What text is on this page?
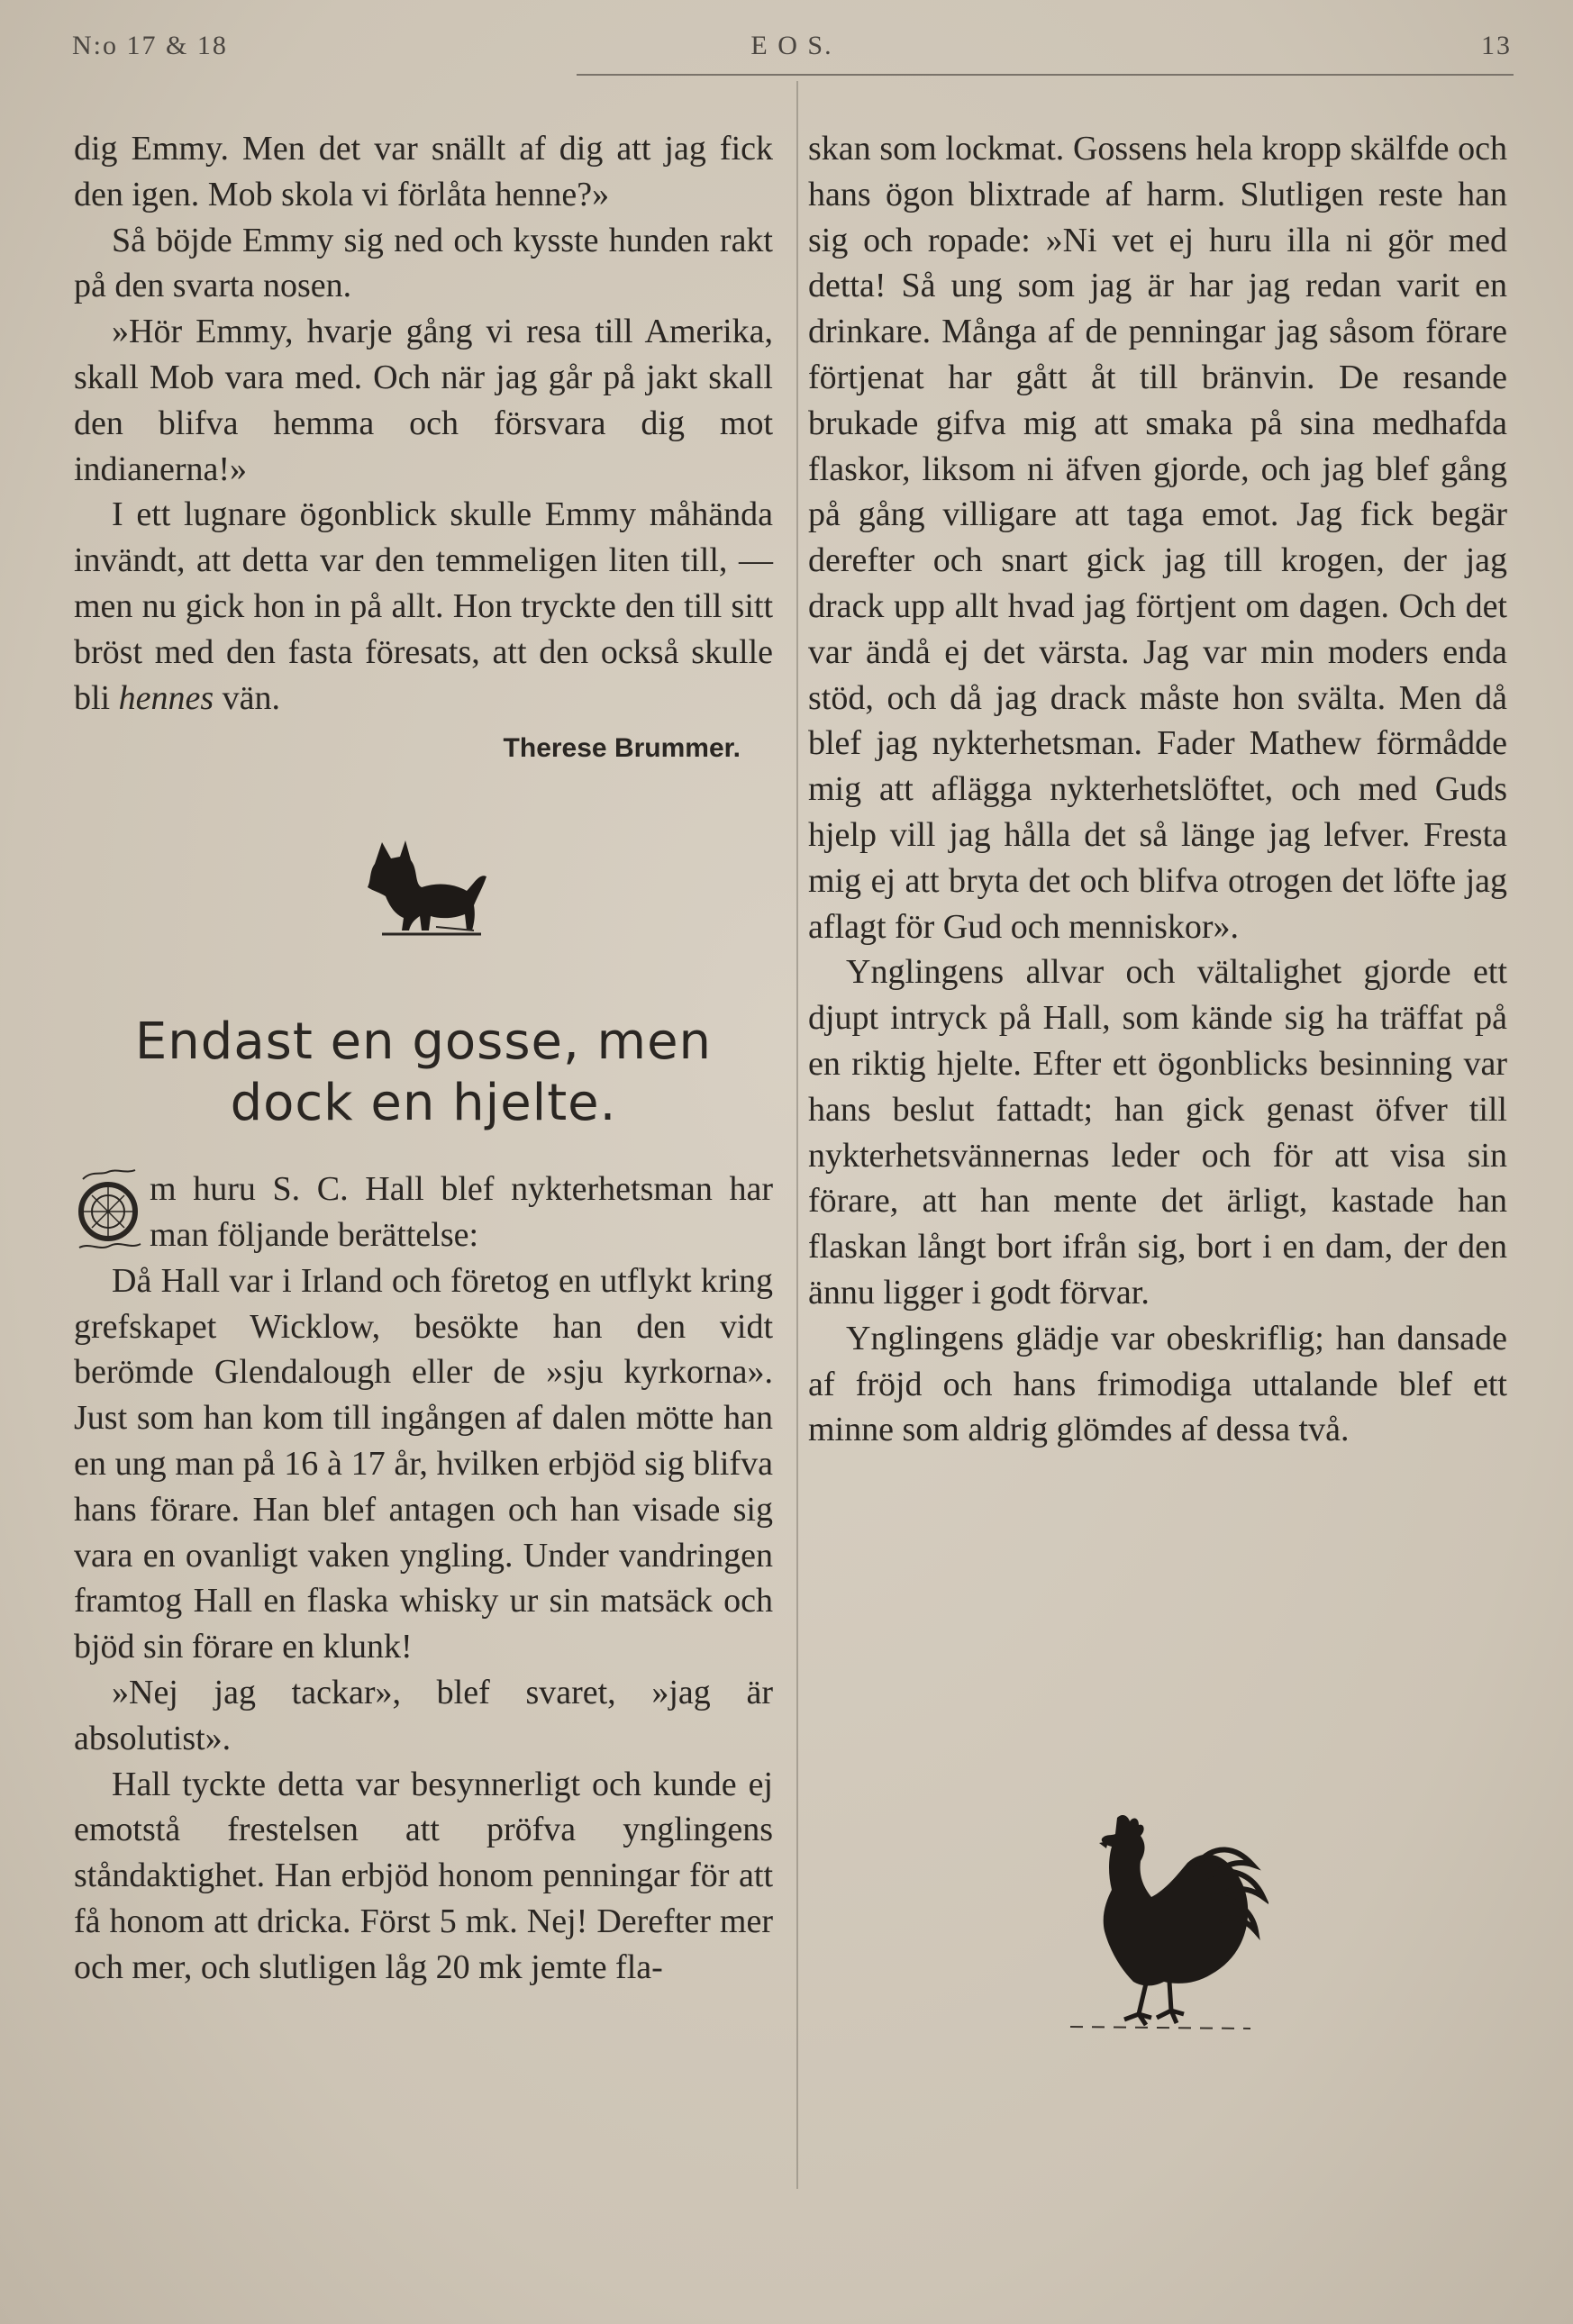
N:o 17 & 18	E O S.	13

dig Emmy. Men det var snällt af dig att jag fick den igen. Mob skola vi förlåta henne?»

Så böjde Emmy sig ned och kysste hunden rakt på den svarta nosen.

»Hör Emmy, hvarje gång vi resa till Amerika, skall Mob vara med. Och när jag går på jakt skall den blifva hemma och försvara dig mot indianerna!»

I ett lugnare ögonblick skulle Emmy måhända invändt, att detta var den temmeligen liten till, — men nu gick hon in på allt. Hon tryckte den till sitt bröst med den fasta föresats, att den också skulle bli hennes vän.

Therese Brummer.

Endast en gosse, men dock en hjelte.

m huru S. C. Hall blef nykterhetsman har man följande berättelse:

Då Hall var i Irland och företog en utflykt kring grefskapet Wicklow, besökte han den vidt berömde Glendalough eller de »sju kyrkorna». Just som han kom till ingången af dalen mötte han en ung man på 16 à 17 år, hvilken erbjöd sig blifva hans förare. Han blef antagen och han visade sig vara en ovanligt vaken yngling. Under vandringen framtog Hall en flaska whisky ur sin matsäck och bjöd sin förare en klunk!

»Nej jag tackar», blef svaret, »jag är absolutist».

Hall tyckte detta var besynnerligt och kunde ej emotstå frestelsen att pröfva ynglingens ståndaktighet. Han erbjöd honom penningar för att få honom att dricka. Först 5 mk. Nej! Derefter mer och mer, och slutligen låg 20 mk jemte fla-

skan som lockmat. Gossens hela kropp skälfde och hans ögon blixtrade af harm. Slutligen reste han sig och ropade: »Ni vet ej huru illa ni gör med detta! Så ung som jag är har jag redan varit en drinkare. Många af de penningar jag såsom förare förtjenat har gått åt till bränvin. De resande brukade gifva mig att smaka på sina medhafda flaskor, liksom ni äfven gjorde, och jag blef gång på gång villigare att taga emot. Jag fick begär derefter och snart gick jag till krogen, der jag drack upp allt hvad jag förtjent om dagen. Och det var ändå ej det värsta. Jag var min moders enda stöd, och då jag drack måste hon svälta. Men då blef jag nykterhetsman. Fader Mathew förmådde mig att aflägga nykterhetslöftet, och med Guds hjelp vill jag hålla det så länge jag lefver. Fresta mig ej att bryta det och blifva otrogen det löfte jag aflagt för Gud och menniskor».

Ynglingens allvar och vältalighet gjorde ett djupt intryck på Hall, som kände sig ha träffat på en riktig hjelte. Efter ett ögonblicks besinning var hans beslut fattadt; han gick genast öfver till nykterhetsvännernas leder och för att visa sin förare, att han mente det ärligt, kastade han flaskan långt bort ifrån sig, bort i en dam, der den ännu ligger i godt förvar.

Ynglingens glädje var obeskriflig; han dansade af fröjd och hans frimodiga uttalande blef ett minne som aldrig glömdes af dessa två.
